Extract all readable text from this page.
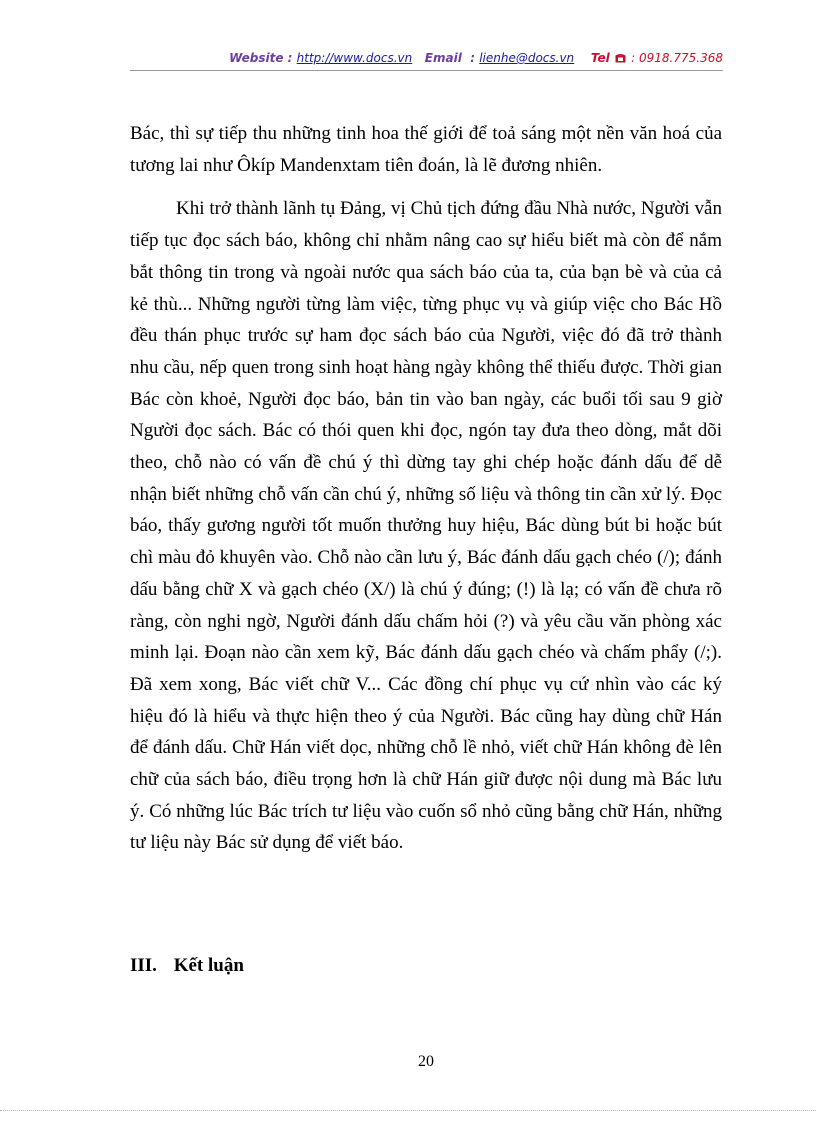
Website : http://www.docs.vn Email : lienhe@docs.vn Tel : 0918.775.368

Bác, thì sự tiếp thu những tinh hoa thế giới để toả sáng một nền văn hoá của tương lai như Ôkíp Mandenxtam tiên đoán, là lẽ đương nhiên.

Khi trở thành lãnh tụ Đảng, vị Chủ tịch đứng đầu Nhà nước, Người vẫn tiếp tục đọc sách báo, không chỉ nhằm nâng cao sự hiểu biết mà còn để nắm bắt thông tin trong và ngoài nước qua sách báo của ta, của bạn bè và của cả kẻ thù... Những người từng làm việc, từng phục vụ và giúp việc cho Bác Hồ đều thán phục trước sự ham đọc sách báo của Người, việc đó đã trở thành nhu cầu, nếp quen trong sinh hoạt hàng ngày không thể thiếu được. Thời gian Bác còn khoẻ, Người đọc báo, bản tin vào ban ngày, các buổi tối sau 9 giờ Người đọc sách. Bác có thói quen khi đọc, ngón tay đưa theo dòng, mắt dõi theo, chỗ nào có vấn đề chú ý thì dừng tay ghi chép hoặc đánh dấu để dễ nhận biết những chỗ vấn cần chú ý, những số liệu và thông tin cần xử lý. Đọc báo, thấy gương người tốt muốn thưởng huy hiệu, Bác dùng bút bi hoặc bút chì màu đỏ khuyên vào. Chỗ nào cần lưu ý, Bác đánh dấu gạch chéo (/); đánh dấu bằng chữ X và gạch chéo (X/) là chú ý đúng; (!) là lạ; có vấn đề chưa rõ ràng, còn nghi ngờ, Người đánh dấu chấm hỏi (?) và yêu cầu văn phòng xác minh lại. Đoạn nào cần xem kỹ, Bác đánh dấu gạch chéo và chấm phẩy (/;). Đã xem xong, Bác viết chữ V... Các đồng chí phục vụ cứ nhìn vào các ký hiệu đó là hiểu và thực hiện theo ý của Người. Bác cũng hay dùng chữ Hán để đánh dấu. Chữ Hán viết dọc, những chỗ lề nhỏ, viết chữ Hán không đè lên chữ của sách báo, điều trọng hơn là chữ Hán giữ được nội dung mà Bác lưu ý. Có những lúc Bác trích tư liệu vào cuốn sổ nhỏ cũng bằng chữ Hán, những tư liệu này Bác sử dụng để viết báo.

III. Kết luận
20
